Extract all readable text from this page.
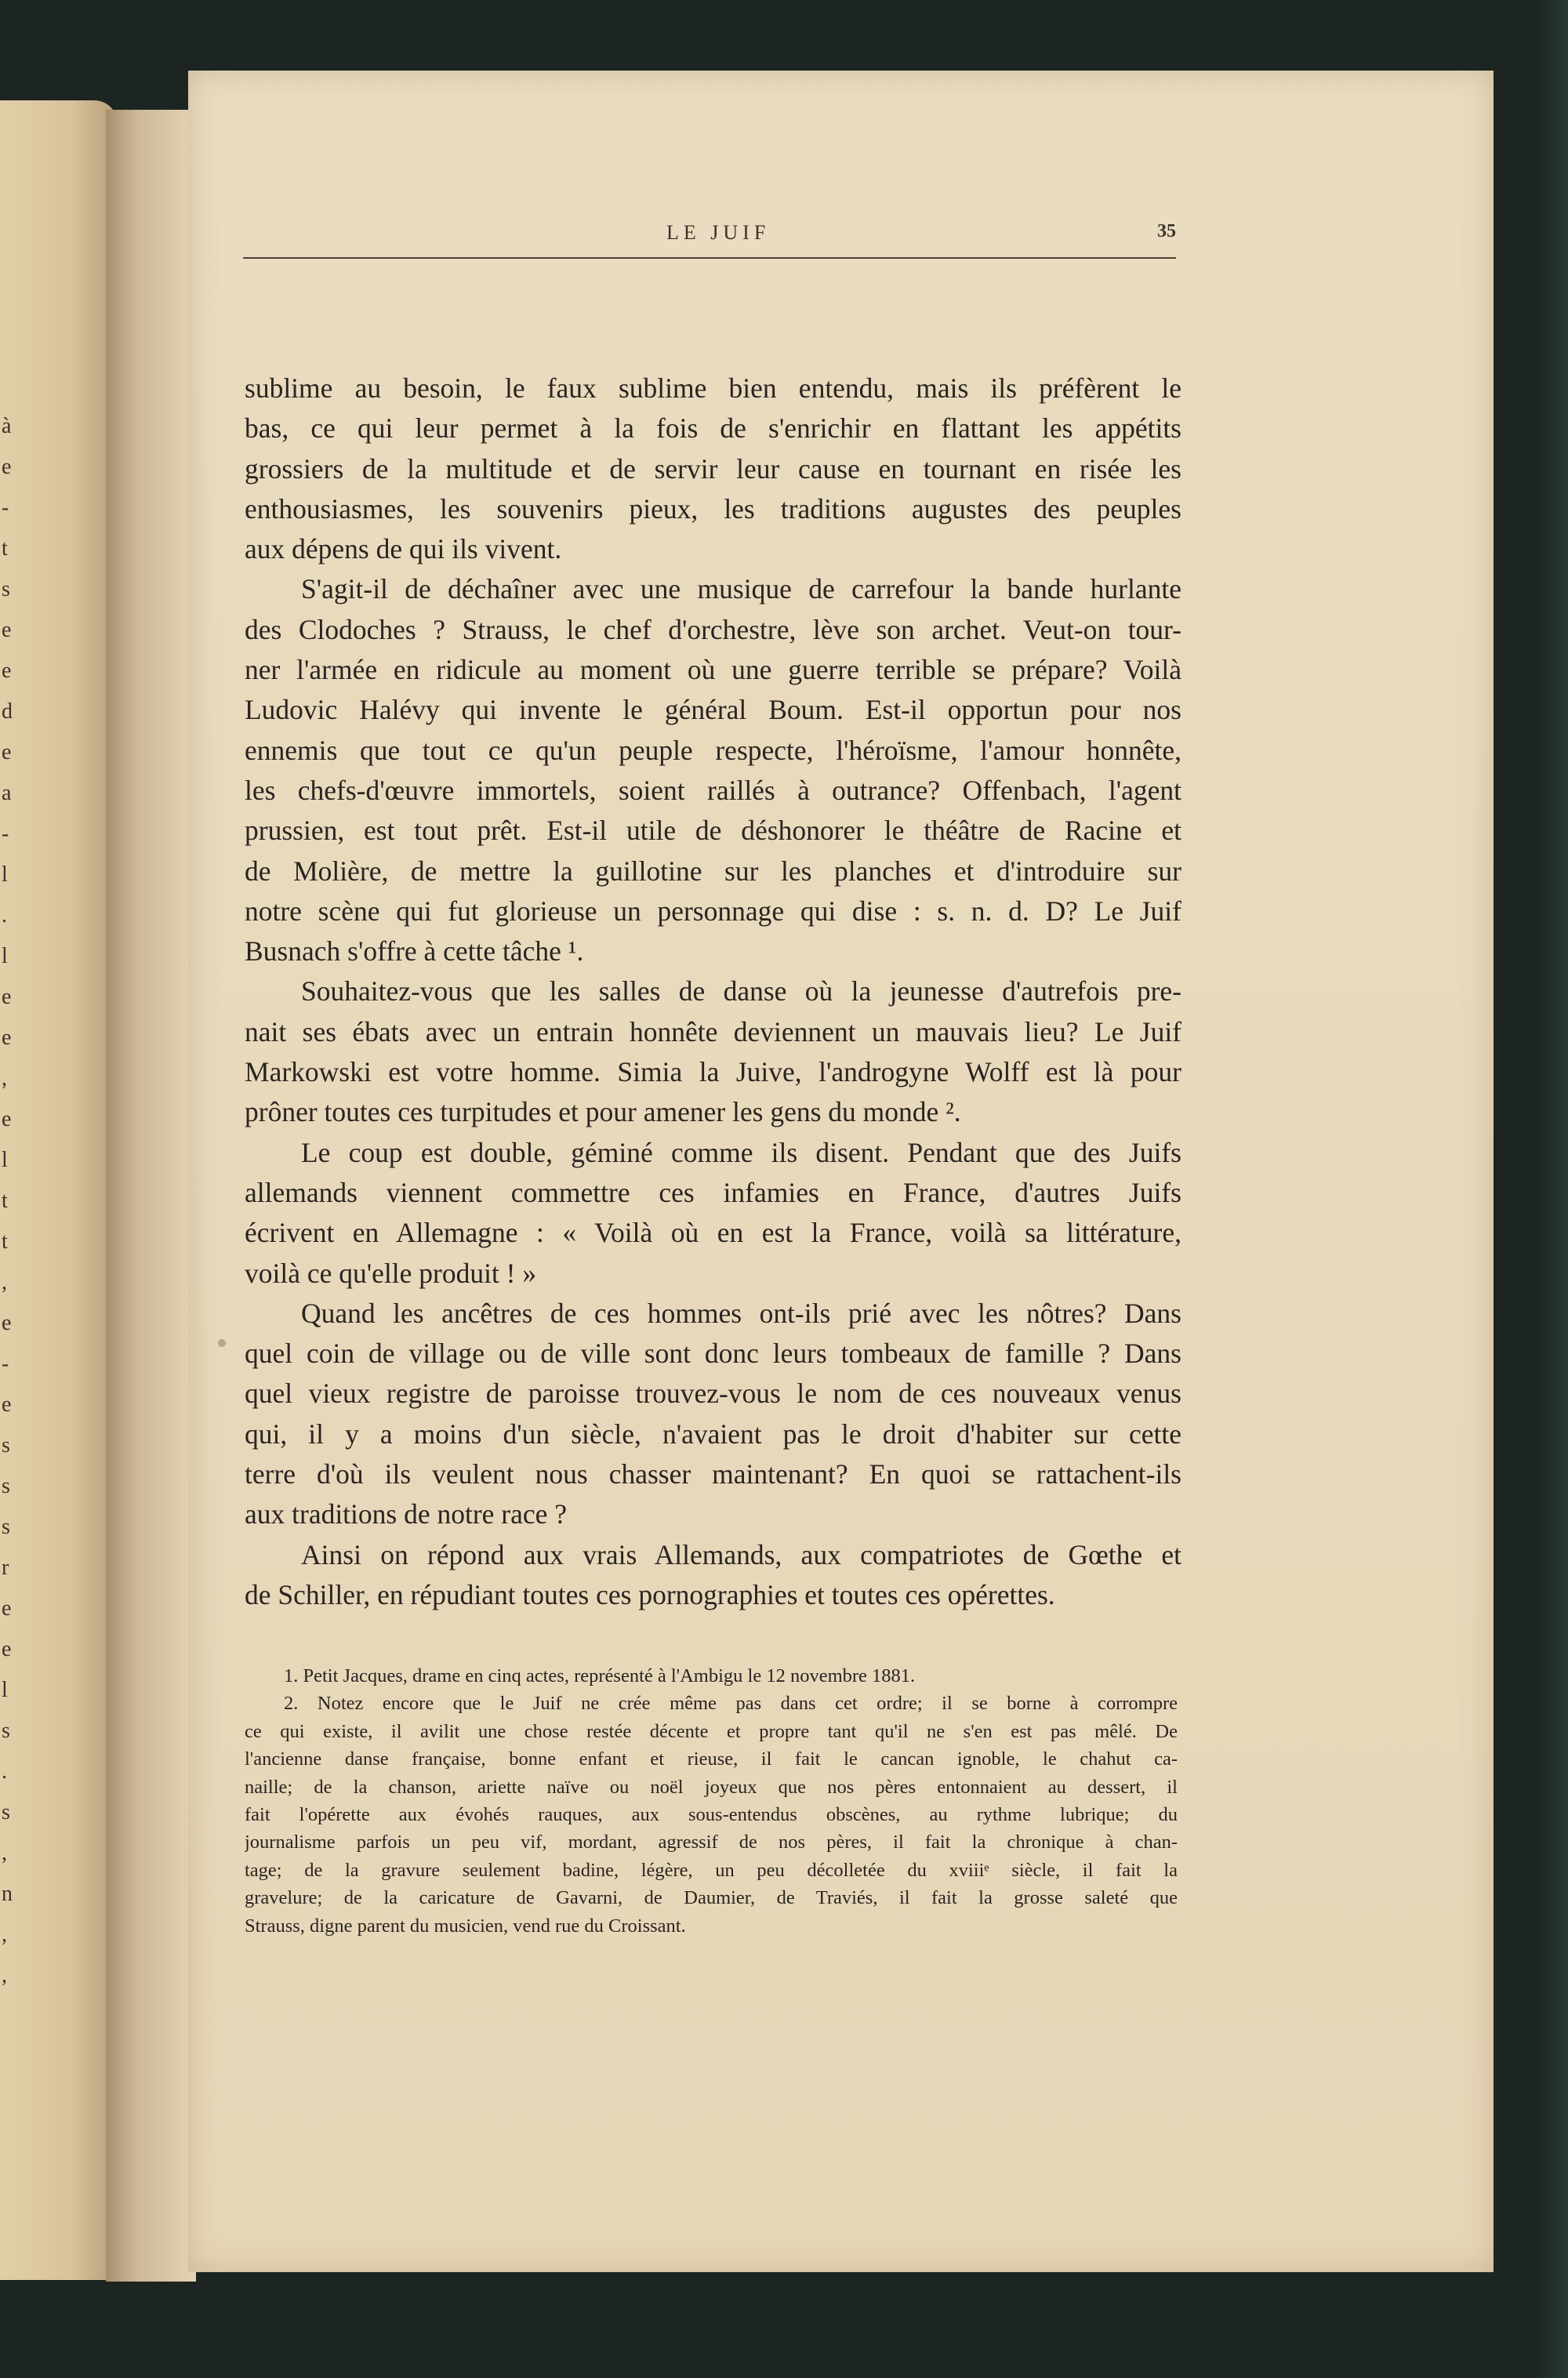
à
e
-
t
s
e
e
d
e
a
-
l
.
l
e
e
,
e
l
t
t
,
e
-
e
s
s
s
r
e
e
l
s
.
s
,
n
,
,
LE JUIF	35
sublime au besoin, le faux sublime bien entendu, mais ils préfèrent le
bas, ce qui leur permet à la fois de s'enrichir en flattant les appétits
grossiers de la multitude et de servir leur cause en tournant en risée les
enthousiasmes, les souvenirs pieux, les traditions augustes des peuples
aux dépens de qui ils vivent.
S'agit-il de déchaîner avec une musique de carrefour la bande hurlante
des Clodoches ? Strauss, le chef d'orchestre, lève son archet. Veut-on tour-
ner l'armée en ridicule au moment où une guerre terrible se prépare? Voilà
Ludovic Halévy qui invente le général Boum. Est-il opportun pour nos
ennemis que tout ce qu'un peuple respecte, l'héroïsme, l'amour honnête,
les chefs-d'œuvre immortels, soient raillés à outrance? Offenbach, l'agent
prussien, est tout prêt. Est-il utile de déshonorer le théâtre de Racine et
de Molière, de mettre la guillotine sur les planches et d'introduire sur
notre scène qui fut glorieuse un personnage qui dise : s. n. d. D? Le Juif
Busnach s'offre à cette tâche ¹.
Souhaitez-vous que les salles de danse où la jeunesse d'autrefois pre-
nait ses ébats avec un entrain honnête deviennent un mauvais lieu? Le Juif
Markowski est votre homme. Simia la Juive, l'androgyne Wolff est là pour
prôner toutes ces turpitudes et pour amener les gens du monde ².
Le coup est double, géminé comme ils disent. Pendant que des Juifs
allemands viennent commettre ces infamies en France, d'autres Juifs
écrivent en Allemagne : « Voilà où en est la France, voilà sa littérature,
voilà ce qu'elle produit ! »
Quand les ancêtres de ces hommes ont-ils prié avec les nôtres? Dans
quel coin de village ou de ville sont donc leurs tombeaux de famille ? Dans
quel vieux registre de paroisse trouvez-vous le nom de ces nouveaux venus
qui, il y a moins d'un siècle, n'avaient pas le droit d'habiter sur cette
terre d'où ils veulent nous chasser maintenant? En quoi se rattachent-ils
aux traditions de notre race ?
Ainsi on répond aux vrais Allemands, aux compatriotes de Gœthe et
de Schiller, en répudiant toutes ces pornographies et toutes ces opérettes.
1. Petit Jacques, drame en cinq actes, représenté à l'Ambigu le 12 novembre 1881.
2. Notez encore que le Juif ne crée même pas dans cet ordre; il se borne à corrompre
ce qui existe, il avilit une chose restée décente et propre tant qu'il ne s'en est pas mêlé. De
l'ancienne danse française, bonne enfant et rieuse, il fait le cancan ignoble, le chahut ca-
naille; de la chanson, ariette naïve ou noël joyeux que nos pères entonnaient au dessert, il
fait l'opérette aux évohés rauques, aux sous-entendus obscènes, au rythme lubrique; du
journalisme parfois un peu vif, mordant, agressif de nos pères, il fait la chronique à chan-
tage; de la gravure seulement badine, légère, un peu décolletée du xviiiᵉ siècle, il fait la
gravelure; de la caricature de Gavarni, de Daumier, de Traviés, il fait la grosse saleté que
Strauss, digne parent du musicien, vend rue du Croissant.
